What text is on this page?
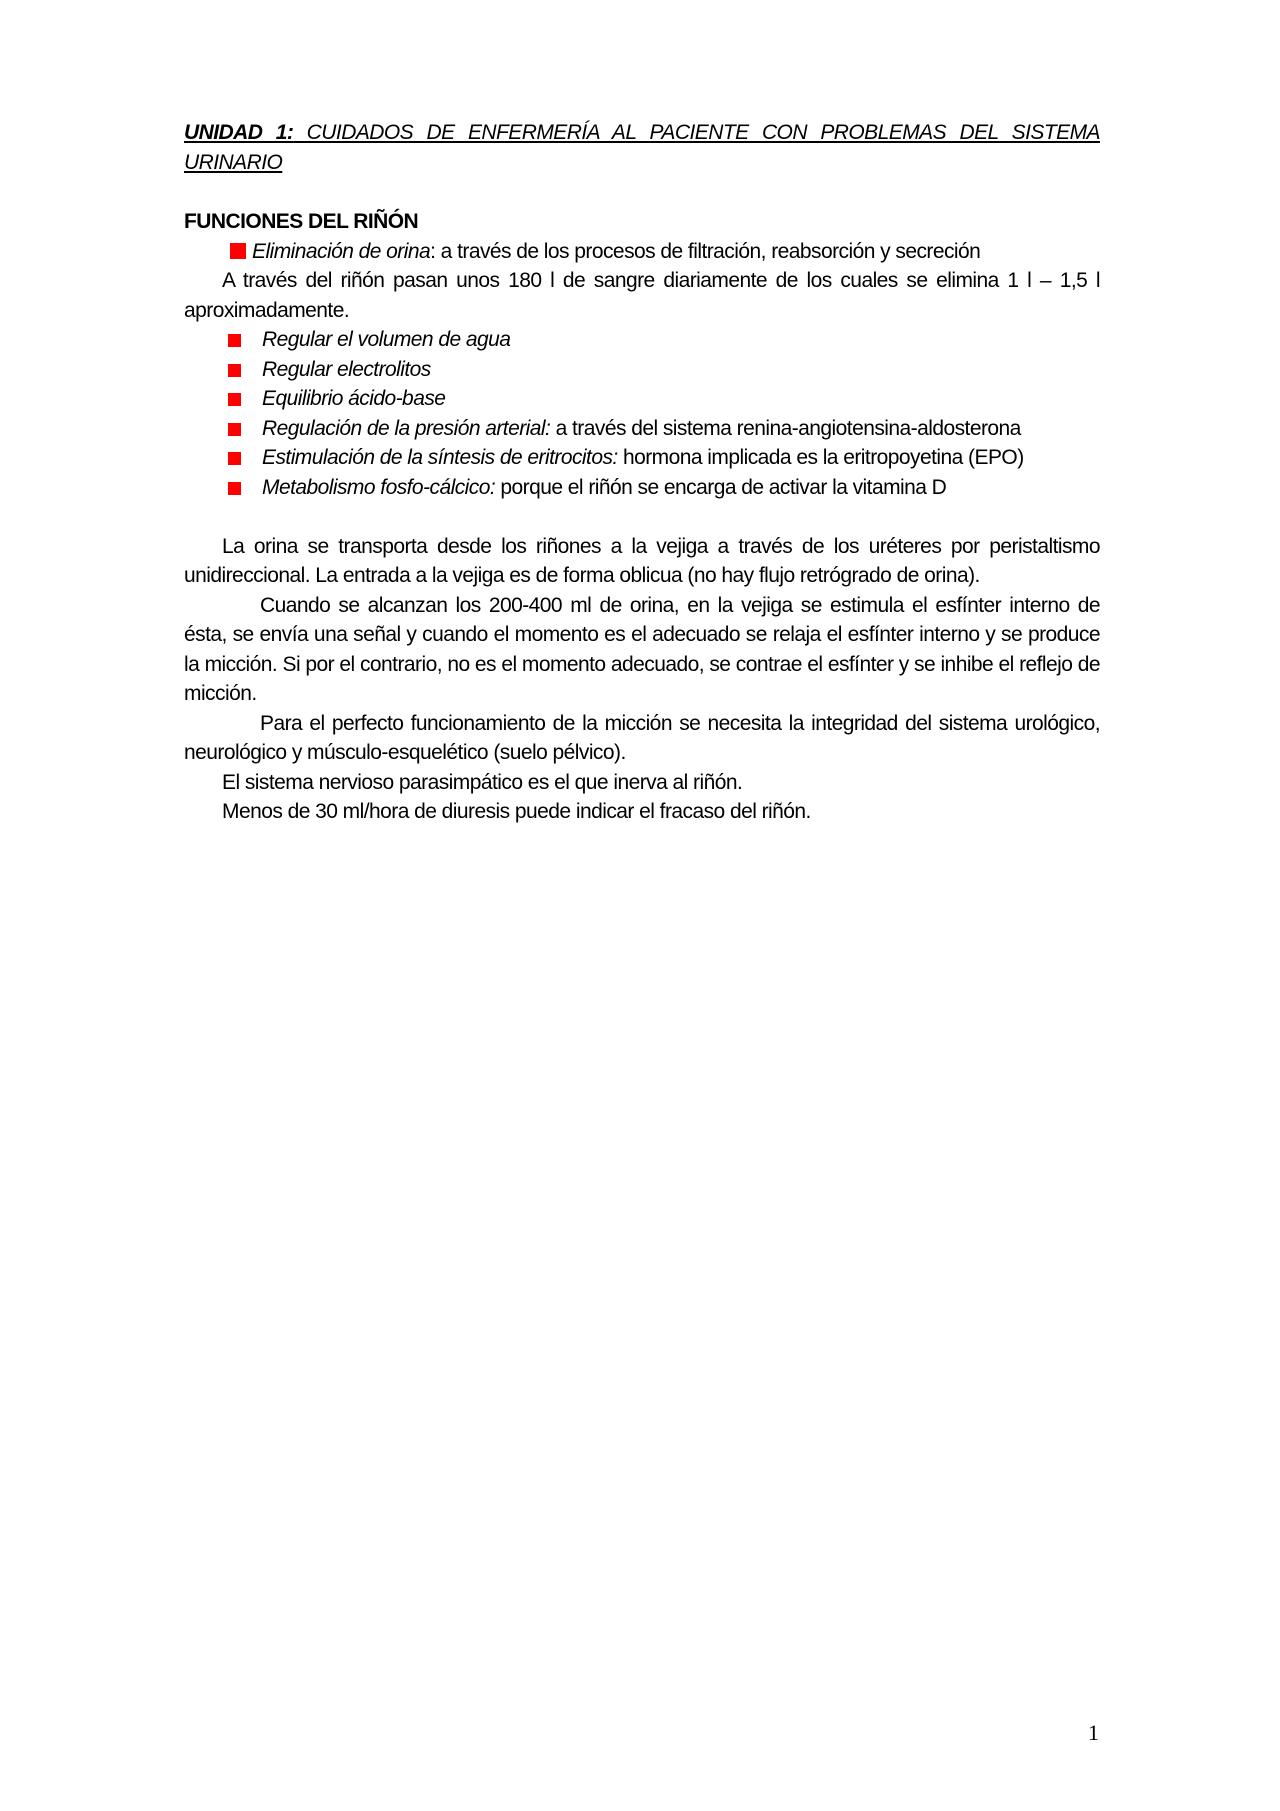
UNIDAD 1: CUIDADOS DE ENFERMERÍA AL PACIENTE CON PROBLEMAS DEL SISTEMA URINARIO

FUNCIONES DEL RIÑÓN

Eliminación de orina: a través de los procesos de filtración, reabsorción y secreción

A través del riñón pasan unos 180 l de sangre diariamente de los cuales se elimina 1 l – 1,5 l aproximadamente.

Regular el volumen de agua

Regular electrolitos

Equilibrio ácido-base

Regulación de la presión arterial: a través del sistema renina-angiotensina-aldosterona

Estimulación de la síntesis de eritrocitos: hormona implicada es la eritropoyetina (EPO)

Metabolismo fosfo-cálcico: porque el riñón se encarga de activar la vitamina D

La orina se transporta desde los riñones a la vejiga a través de los uréteres por peristaltismo unidireccional. La entrada a la vejiga es de forma oblicua (no hay flujo retrógrado de orina).

Cuando se alcanzan los 200-400 ml de orina, en la vejiga se estimula el esfínter interno de ésta, se envía una señal y cuando el momento es el adecuado se relaja el esfínter interno y se produce la micción. Si por el contrario, no es el momento adecuado, se contrae el esfínter y se inhibe el reflejo de micción.

Para el perfecto funcionamiento de la micción se necesita la integridad del sistema urológico, neurológico y músculo-esquelético (suelo pélvico).

El sistema nervioso parasimpático es el que inerva al riñón.

Menos de 30 ml/hora de diuresis puede indicar el fracaso del riñón.

1
